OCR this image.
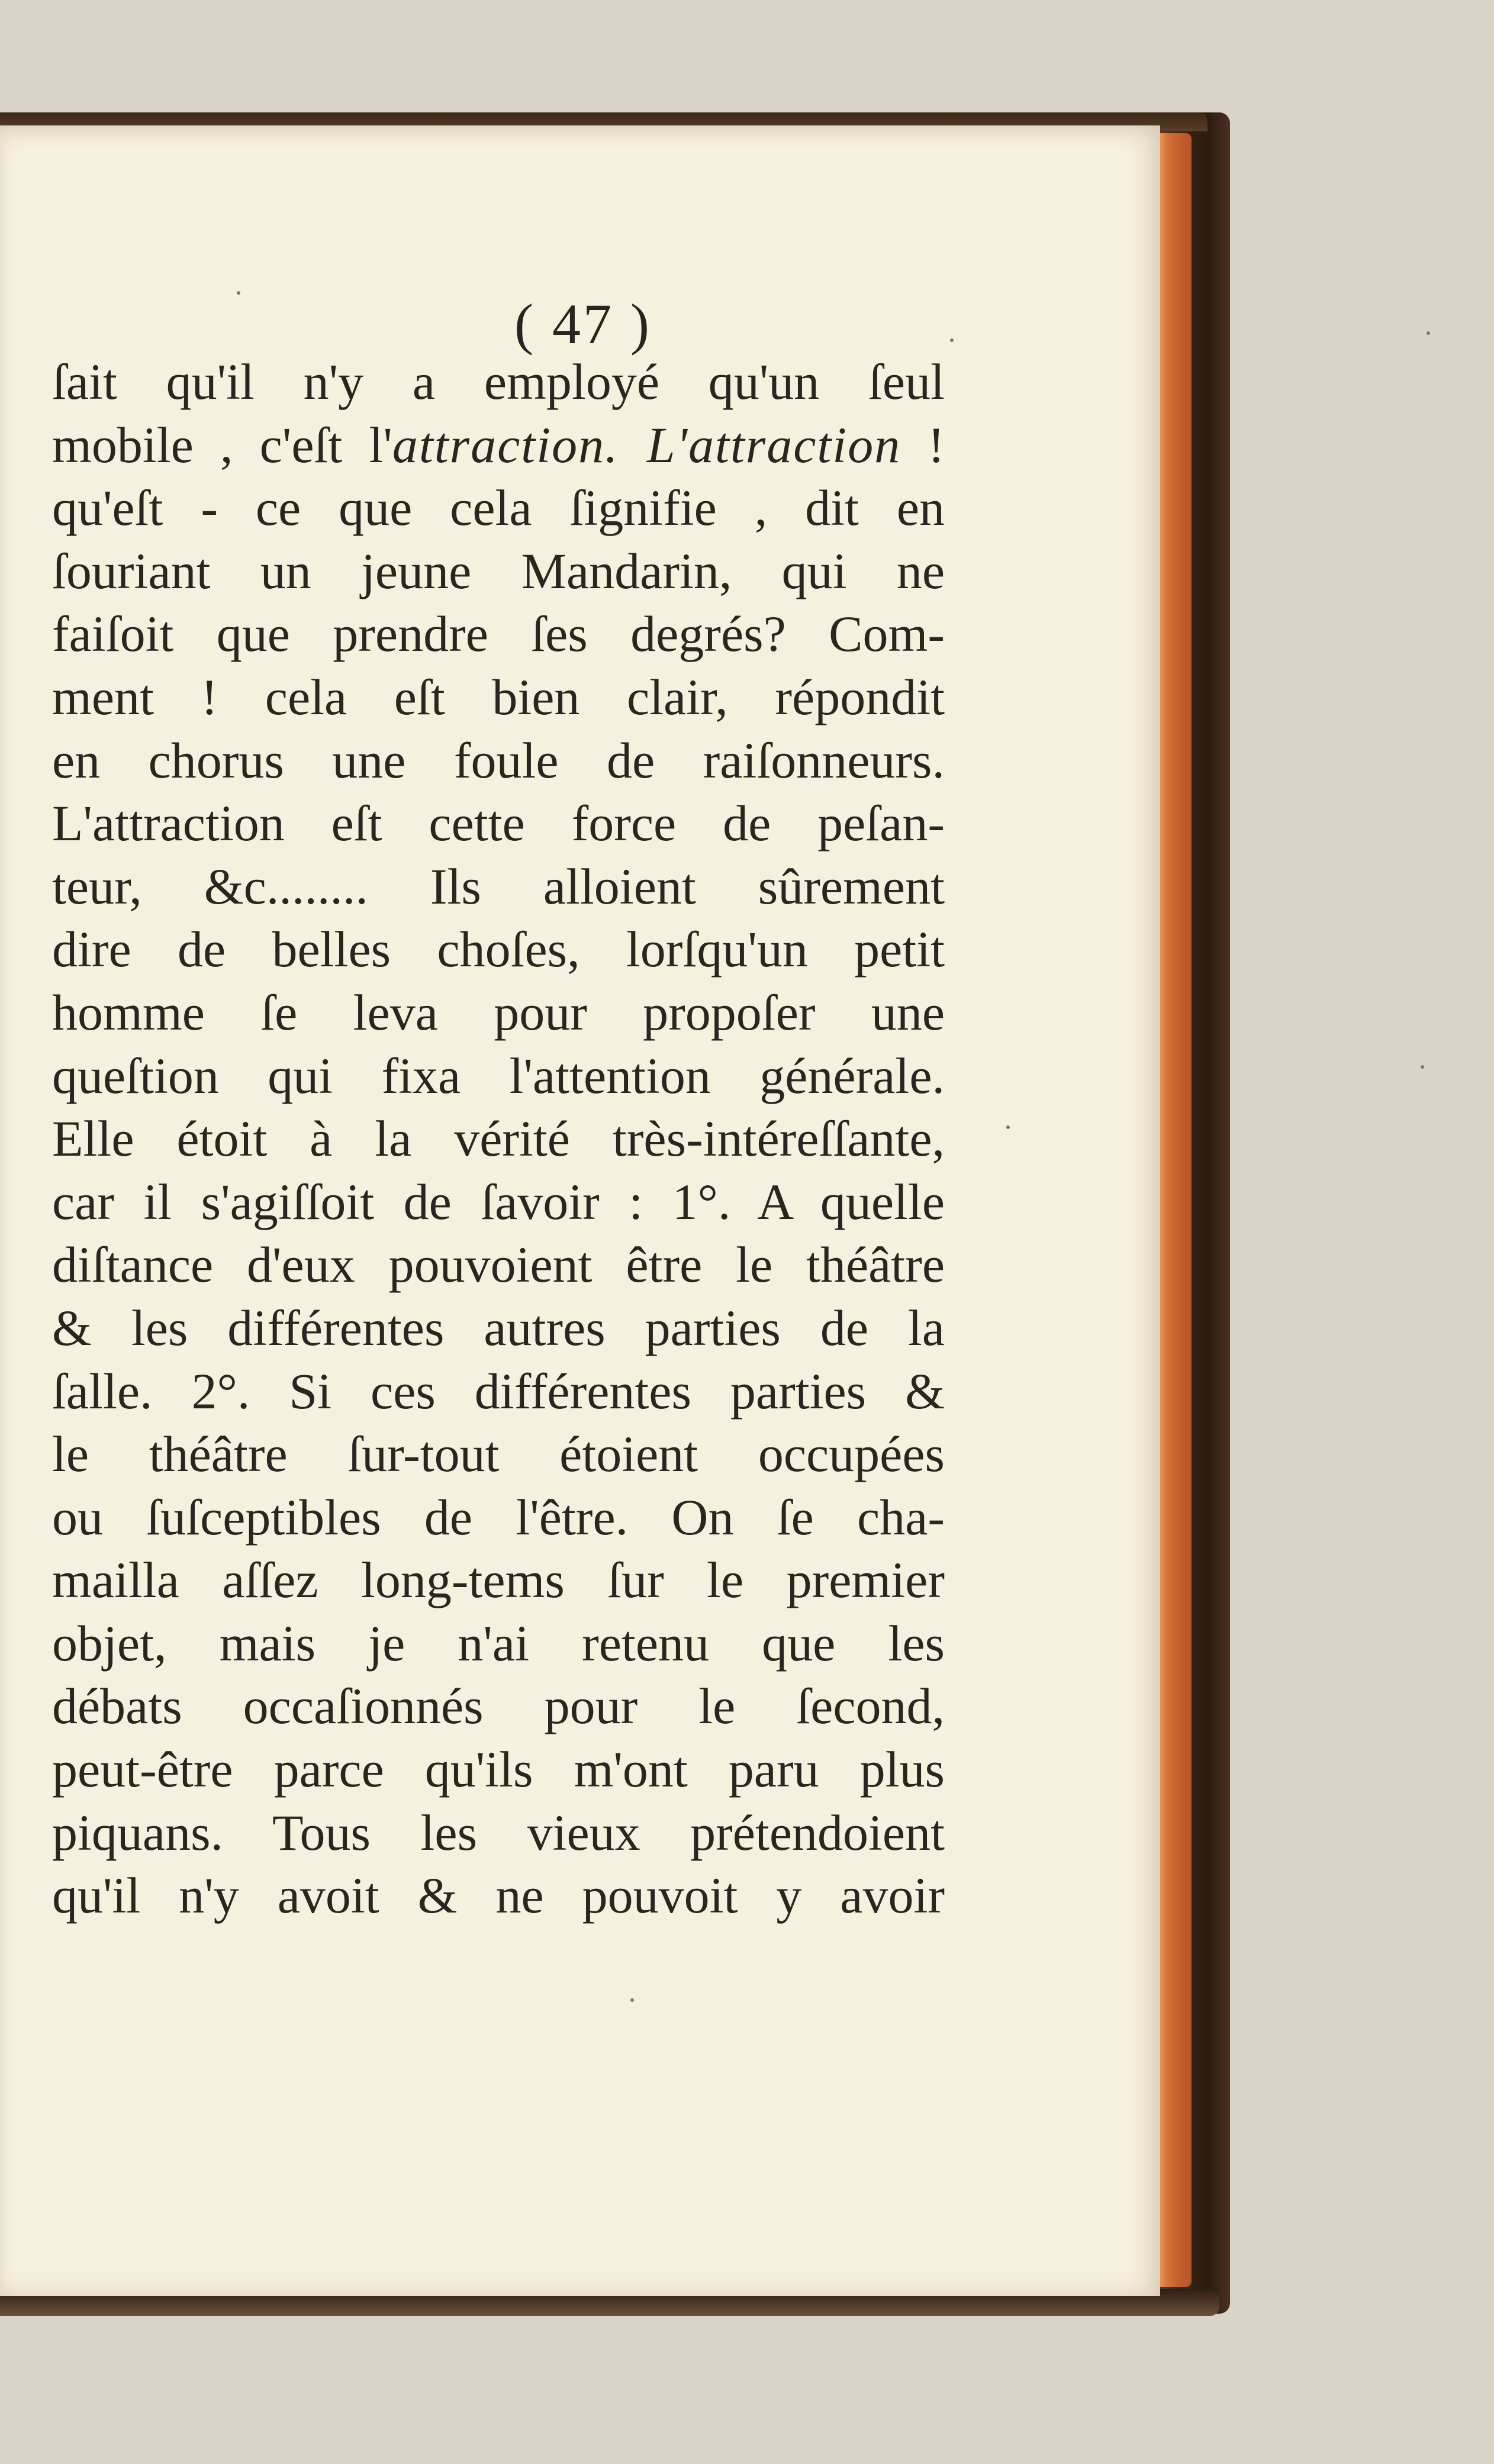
( 47 )
ſait qu'il n'y a employé qu'un ſeul
mobile , c'eſt l'attraction. L'attraction !
qu'eſt - ce que cela ſignifie , dit en
ſouriant un jeune Mandarin, qui ne
faiſoit que prendre ſes degrés? Com-
ment ! cela eſt bien clair, répondit
en chorus une foule de raiſonneurs.
L'attraction eſt cette force de peſan-
teur, &c........ Ils alloient sûrement
dire de belles choſes, lorſqu'un petit
homme ſe leva pour propoſer une
queſtion qui fixa l'attention générale.
Elle étoit à la vérité très-intéreſſante,
car il s'agiſſoit de ſavoir : 1°. A quelle
diſtance d'eux pouvoient être le théâtre
& les différentes autres parties de la
ſalle. 2°. Si ces différentes parties &
le théâtre ſur-tout étoient occupées
ou ſuſceptibles de l'être. On ſe cha-
mailla aſſez long-tems ſur le premier
objet, mais je n'ai retenu que les
débats occaſionnés pour le ſecond,
peut-être parce qu'ils m'ont paru plus
piquans. Tous les vieux prétendoient
qu'il n'y avoit & ne pouvoit y avoir
